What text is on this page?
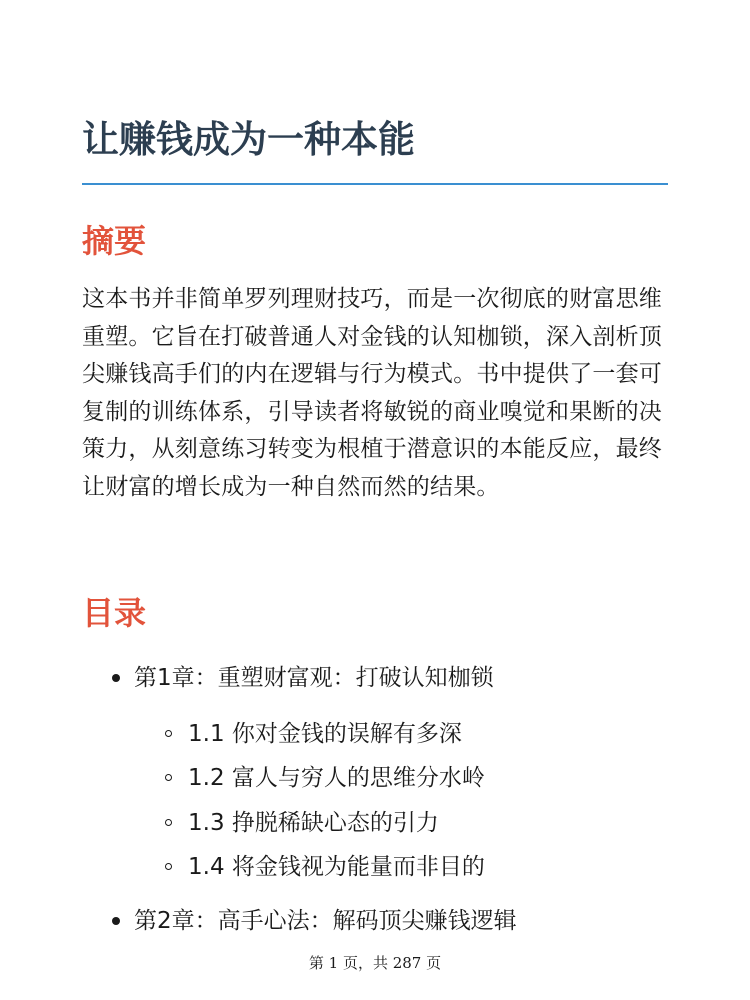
让赚钱成为一种本能
摘要

这本书并非简单罗列理财技巧，而是一次彻底的财富思维重塑。它旨在打破普通人对金钱的认知枷锁，深入剖析顶尖赚钱高手们的内在逻辑与行为模式。书中提供了一套可复制的训练体系，引导读者将敏锐的商业嗅觉和果断的决策力，从刻意练习转变为根植于潜意识的本能反应，最终让财富的增长成为一种自然而然的结果。

目录
第1章：重塑财富观：打破认知枷锁
1.1 你对金钱的误解有多深
1.2 富人与穷人的思维分水岭
1.3 挣脱稀缺心态的引力
1.4 将金钱视为能量而非目的
第2章：高手心法：解码顶尖赚钱逻辑
第 1 页，共 287 页
